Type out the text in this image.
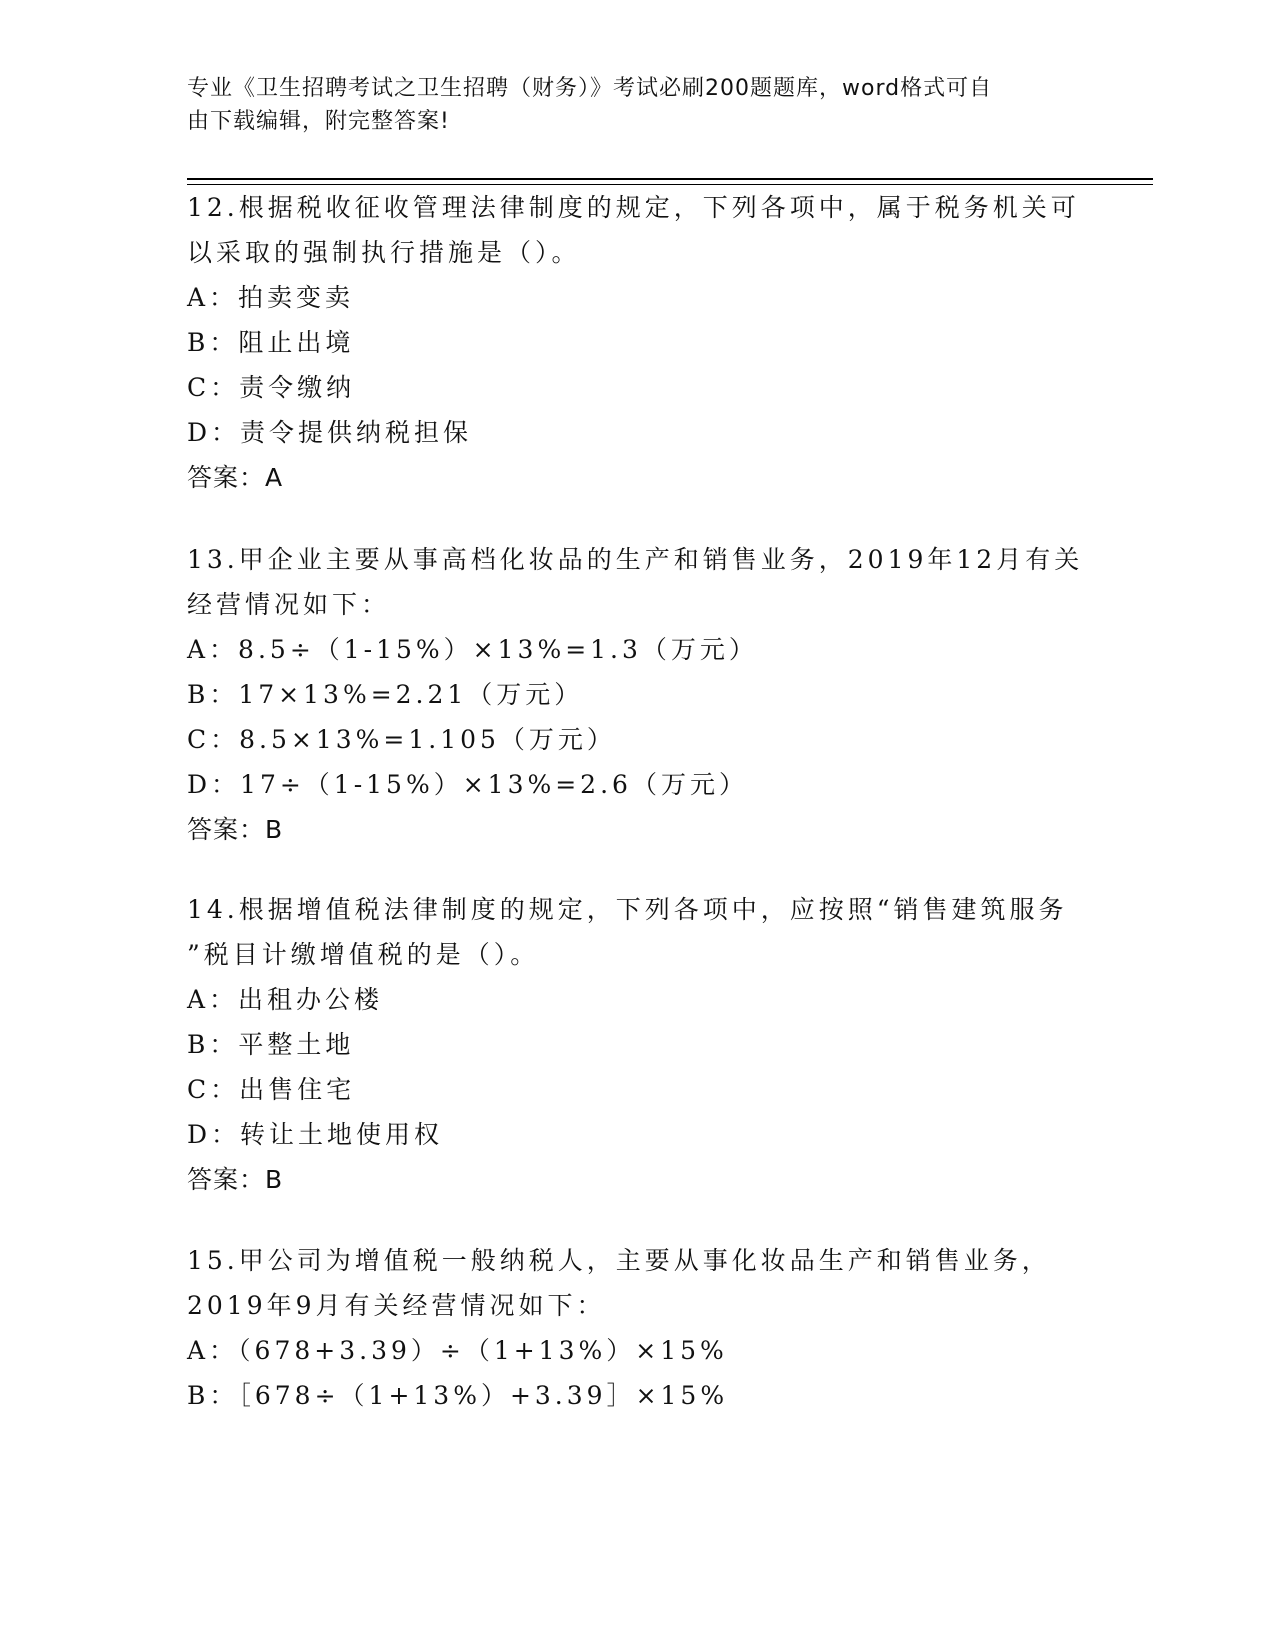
专业《卫生招聘考试之卫生招聘（财务）》考试必刷200题题库，word格式可自
由下载编辑，附完整答案!

12.根据税收征收管理法律制度的规定，下列各项中，属于税务机关可
以采取的强制执行措施是（）。

A：拍卖变卖

B：阻止出境

C：责令缴纳

D：责令提供纳税担保

答案：A

13.甲企业主要从事高档化妆品的生产和销售业务，2019年12月有关
经营情况如下：

A：8.5÷（1-15%）×13%=1.3（万元）

B：17×13%=2.21（万元）

C：8.5×13%=1.105（万元）

D：17÷（1-15%）×13%=2.6（万元）

答案：B

14.根据增值税法律制度的规定，下列各项中，应按照“销售建筑服务
”税目计缴增值税的是（）。

A：出租办公楼

B：平整土地

C：出售住宅

D：转让土地使用权

答案：B

15.甲公司为增值税一般纳税人，主要从事化妆品生产和销售业务，
2019年9月有关经营情况如下：

A：（678+3.39）÷（1+13%）×15%

B：［678÷（1+13%）+3.39］×15%
